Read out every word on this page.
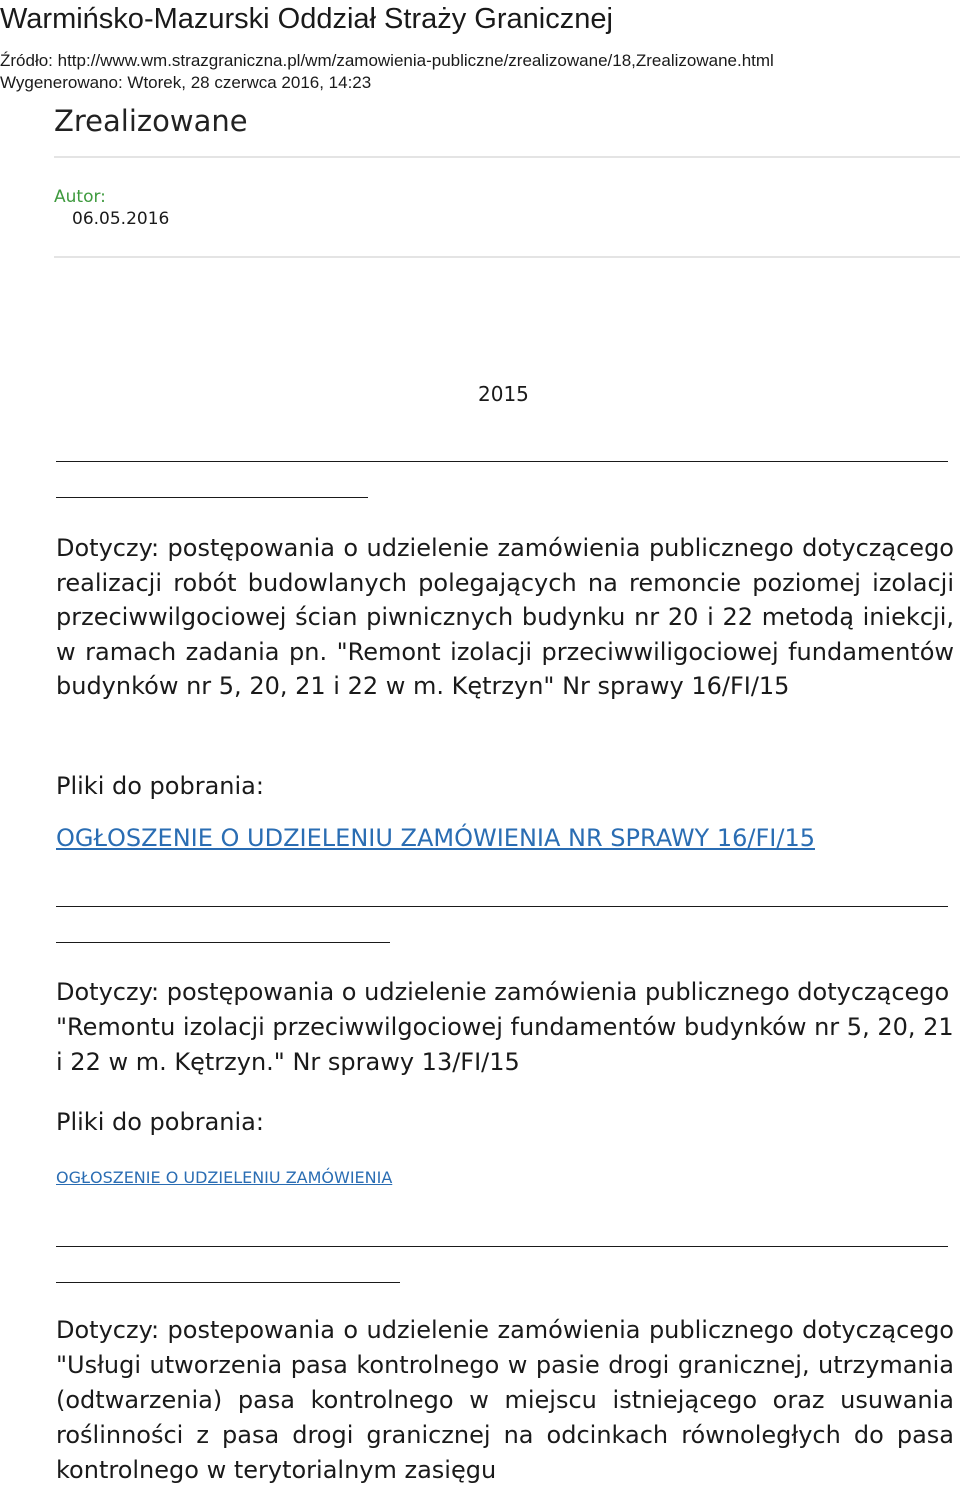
Warmińsko-Mazurski Oddział Straży Granicznej
Źródło: http://www.wm.strazgraniczna.pl/wm/zamowienia-publiczne/zrealizowane/18,Zrealizowane.html
Wygenerowano: Wtorek, 28 czerwca 2016, 14:23
Zrealizowane
Autor:
06.05.2016
2015

Dotyczy: postępowania o udzielenie zamówienia publicznego dotyczącego realizacji robót budowlanych polegających na remoncie poziomej izolacji przeciwwilgociowej ścian piwnicznych budynku nr 20 i 22 metodą iniekcji, w ramach zadania pn. "Remont izolacji przeciwwiligociowej fundamentów budynków nr 5, 20, 21 i 22 w m. Kętrzyn" Nr sprawy 16/FI/15

Pliki do pobrania:
OGŁOSZENIE O UDZIELENIU ZAMÓWIENIA NR SPRAWY 16/FI/15

Dotyczy: postępowania o udzielenie zamówienia publicznego dotyczącego "Remontu izolacji przeciwwilgociowej fundamentów budynków nr 5, 20, 21 i 22 w m. Kętrzyn." Nr sprawy 13/FI/15

Pliki do pobrania:
OGŁOSZENIE O UDZIELENIU ZAMÓWIENIA

Dotyczy: postepowania o udzielenie zamówienia publicznego dotyczącego "Usługi utworzenia pasa kontrolnego w pasie drogi granicznej, utrzymania (odtwarzenia) pasa kontrolnego w miejscu istniejącego oraz usuwania roślinności z pasa drogi granicznej na odcinkach równoległych do pasa kontrolnego w terytorialnym zasięgu
